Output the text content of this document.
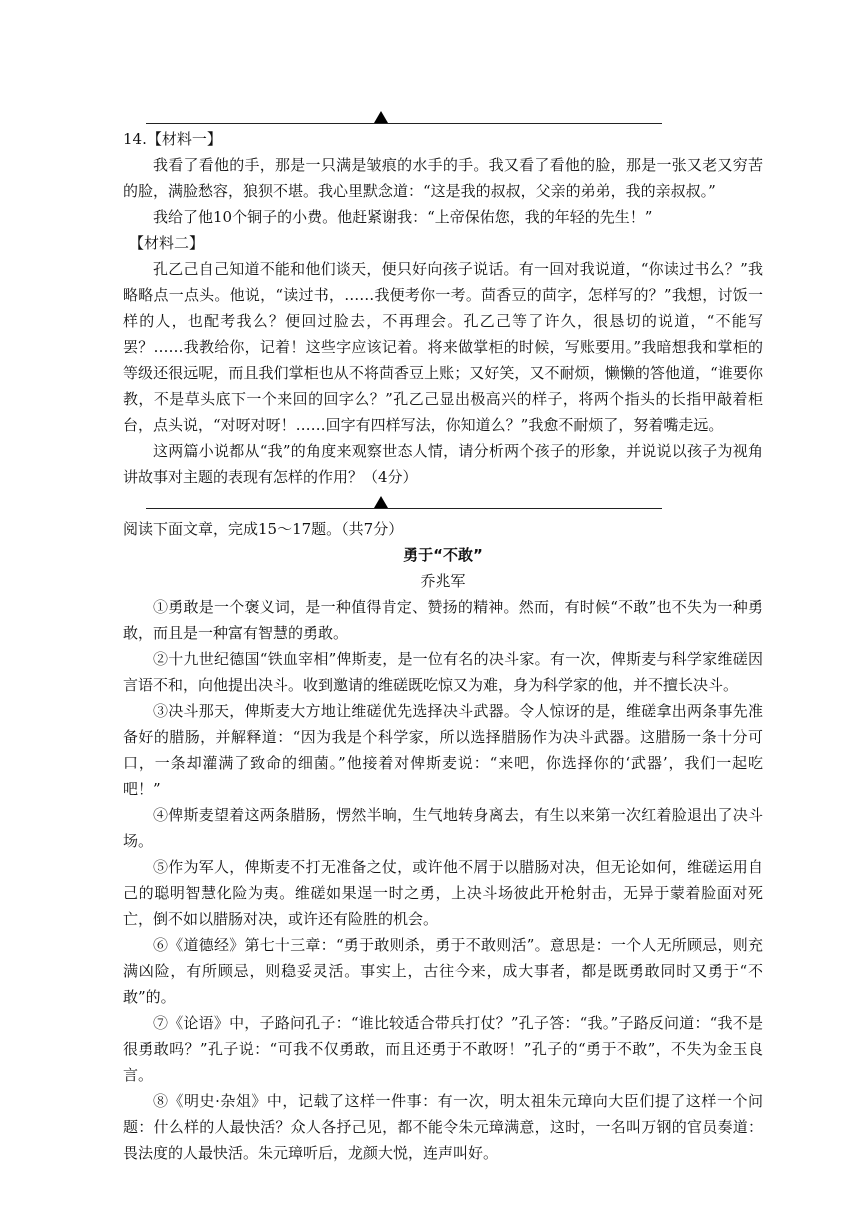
14.【材料一】

我看了看他的手，那是一只满是皱痕的水手的手。我又看了看他的脸，那是一张又老又穷苦的脸，满脸愁容，狼狈不堪。我心里默念道：“这是我的叔叔，父亲的弟弟，我的亲叔叔。”

我给了他10个铜子的小费。他赶紧谢我：“上帝保佑您，我的年轻的先生！”

【材料二】

孔乙己自己知道不能和他们谈天，便只好向孩子说话。有一回对我说道，“你读过书么？”我略略点一点头。他说，“读过书，……我便考你一考。茴香豆的茴字，怎样写的？”我想，讨饭一样的人，也配考我么？便回过脸去，不再理会。孔乙己等了许久，很恳切的说道，“不能写罢？……我教给你，记着！这些字应该记着。将来做掌柜的时候，写账要用。”我暗想我和掌柜的等级还很远呢，而且我们掌柜也从不将茴香豆上账；又好笑，又不耐烦，懒懒的答他道，“谁要你教，不是草头底下一个来回的回字么？”孔乙己显出极高兴的样子，将两个指头的长指甲敲着柜台，点头说，“对呀对呀！……回字有四样写法，你知道么？”我愈不耐烦了，努着嘴走远。

这两篇小说都从“我”的角度来观察世态人情，请分析两个孩子的形象，并说说以孩子为视角讲故事对主题的表现有怎样的作用？（4分）

阅读下面文章，完成15～17题。（共7分）

勇于“不敢”

乔兆军

①勇敢是一个褒义词，是一种值得肯定、赞扬的精神。然而，有时候“不敢”也不失为一种勇敢，而且是一种富有智慧的勇敢。

②十九世纪德国“铁血宰相”俾斯麦，是一位有名的决斗家。有一次，俾斯麦与科学家维磋因言语不和，向他提出决斗。收到邀请的维磋既吃惊又为难，身为科学家的他，并不擅长决斗。

③决斗那天，俾斯麦大方地让维磋优先选择决斗武器。令人惊讶的是，维磋拿出两条事先准备好的腊肠，并解释道：“因为我是个科学家，所以选择腊肠作为决斗武器。这腊肠一条十分可口，一条却灌满了致命的细菌。”他接着对俾斯麦说：“来吧，你选择你的‘武器’，我们一起吃吧！”

④俾斯麦望着这两条腊肠，愣然半晌，生气地转身离去，有生以来第一次红着脸退出了决斗场。

⑤作为军人，俾斯麦不打无准备之仗，或许他不屑于以腊肠对决，但无论如何，维磋运用自己的聪明智慧化险为夷。维磋如果逞一时之勇，上决斗场彼此开枪射击，无异于蒙着脸面对死亡，倒不如以腊肠对决，或许还有险胜的机会。

⑥《道德经》第七十三章：“勇于敢则杀，勇于不敢则活”。意思是：一个人无所顾忌，则充满凶险，有所顾忌，则稳妥灵活。事实上，古往今来，成大事者，都是既勇敢同时又勇于“不敢”的。

⑦《论语》中，子路问孔子：“谁比较适合带兵打仗？”孔子答：“我。”子路反问道：“我不是很勇敢吗？”孔子说：“可我不仅勇敢，而且还勇于不敢呀！”孔子的“勇于不敢”，不失为金玉良言。

⑧《明史·杂俎》中，记载了这样一件事：有一次，明太祖朱元璋向大臣们提了这样一个问题：什么样的人最快活？众人各抒己见，都不能令朱元璋满意，这时，一名叫万钢的官员奏道：畏法度的人最快活。朱元璋听后，龙颜大悦，连声叫好。
